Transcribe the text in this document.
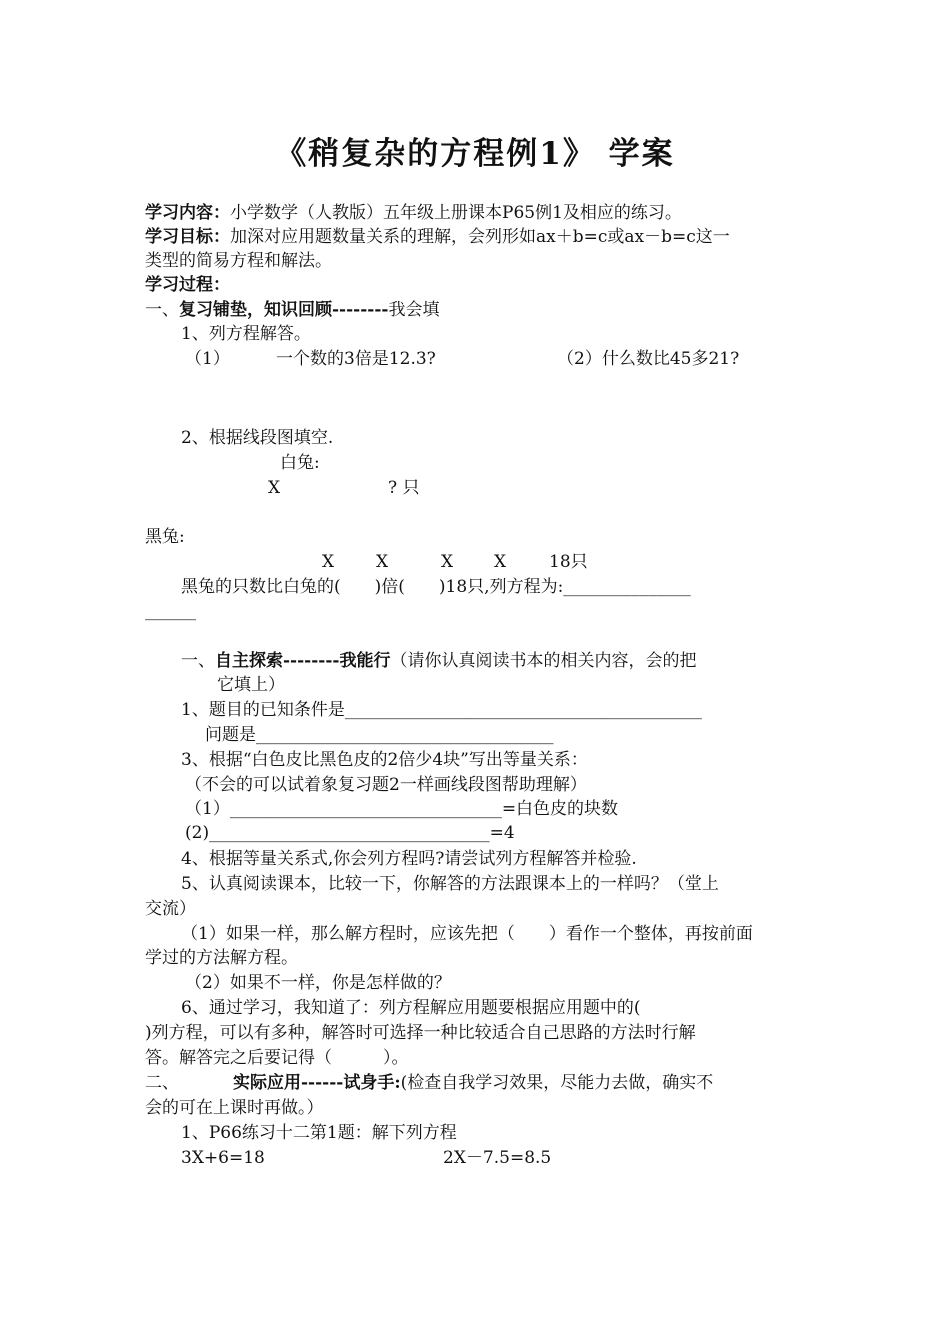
《稍复杂的方程例1》 学案
学习内容：小学数学（人教版）五年级上册课本P65例1及相应的练习。
学习目标：加深对应用题数量关系的理解，会列形如ax＋b=c或ax－b=c这一
类型的简易方程和解法。
学习过程：
一、复习铺垫，知识回顾--------我会填
1、列方程解答。
（1）	一个数的3倍是12.3?	（2）什么数比45多21?
2、根据线段图填空.
白兔:
X	? 只
黑兔:
X X	X X	18只
黑兔的只数比白兔的(　　)倍(　　)18只,列方程为:_______________
______
一、自主探索--------我能行（请你认真阅读书本的相关内容，会的把
它填上）
1、题目的已知条件是__________________________________________
问题是___________________________________
3、根据“白色皮比黑色皮的2倍少4块”写出等量关系：
（不会的可以试着象复习题2一样画线段图帮助理解）
（1）________________________________=白色皮的块数
(2)_________________________________=4
4、根据等量关系式,你会列方程吗?请尝试列方程解答并检验.
5、认真阅读课本，比较一下，你解答的方法跟课本上的一样吗？（堂上
交流）
（1）如果一样，那么解方程时，应该先把（　　）看作一个整体，再按前面
学过的方法解方程。
（2）如果不一样，你是怎样做的？
6、通过学习，我知道了：列方程解应用题要根据应用题中的(
)列方程，可以有多种，解答时可选择一种比较适合自己思路的方法时行解
答。解答完之后要记得（　　　）。
二、	实际应用------试身手:(检查自我学习效果，尽能力去做，确实不
会的可在上课时再做。）
1、P66练习十二第1题：解下列方程
3X+6=18	2X－7.5=8.5
